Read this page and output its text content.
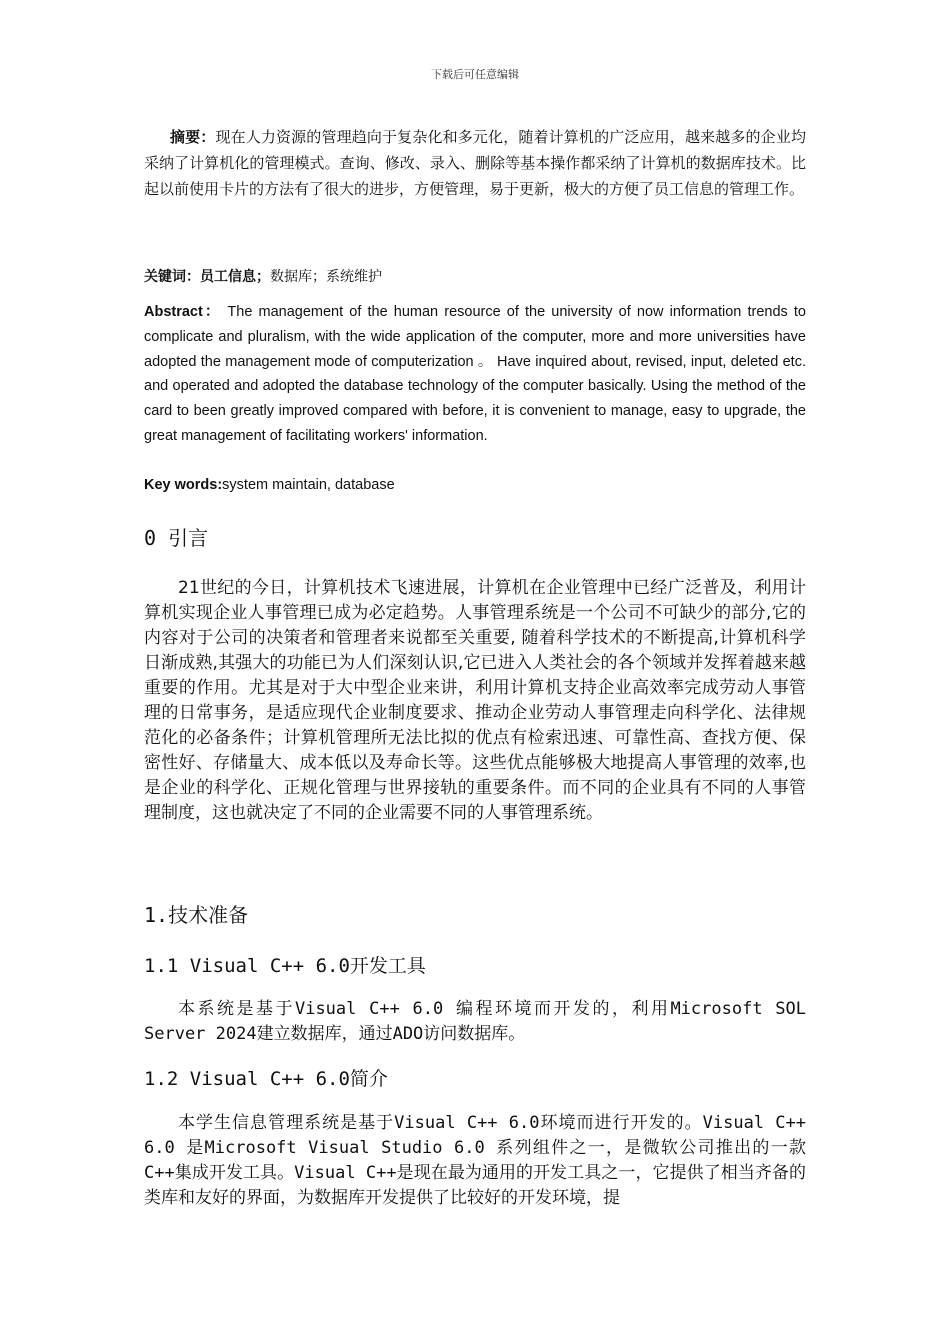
下载后可任意编辑
摘要：现在人力资源的管理趋向于复杂化和多元化，随着计算机的广泛应用，越来越多的企业均采纳了计算机化的管理模式。查询、修改、录入、删除等基本操作都采纳了计算机的数据库技术。比起以前使用卡片的方法有了很大的进步，方便管理，易于更新，极大的方便了员工信息的管理工作。
关键词：员工信息；数据库；系统维护
Abstract： The management of the human resource of the university of now information trends to complicate and pluralism, with the wide application of the computer, more and more universities have adopted the management mode of computerization 。 Have inquired about, revised, input, deleted etc. and operated and adopted the database technology of the computer basically. Using the method of the card to been greatly improved compared with before, it is convenient to manage, easy to upgrade, the great management of facilitating workers' information.
Key words:system maintain, database
0 引言
21世纪的今日，计算机技术飞速进展，计算机在企业管理中已经广泛普及，利用计算机实现企业人事管理已成为必定趋势。人事管理系统是一个公司不可缺少的部分,它的内容对于公司的决策者和管理者来说都至关重要, 随着科学技术的不断提高,计算机科学日渐成熟,其强大的功能已为人们深刻认识,它已进入人类社会的各个领域并发挥着越来越重要的作用。尤其是对于大中型企业来讲，利用计算机支持企业高效率完成劳动人事管理的日常事务，是适应现代企业制度要求、推动企业劳动人事管理走向科学化、法律规范化的必备条件；计算机管理所无法比拟的优点有检索迅速、可靠性高、查找方便、保密性好、存储量大、成本低以及寿命长等。这些优点能够极大地提高人事管理的效率,也是企业的科学化、正规化管理与世界接轨的重要条件。而不同的企业具有不同的人事管理制度，这也就决定了不同的企业需要不同的人事管理系统。
1.技术准备
1.1 Visual C++ 6.0开发工具
本系统是基于Visual C++ 6.0 编程环境而开发的，利用Microsoft SOL Server 2024建立数据库，通过ADO访问数据库。
1.2 Visual C++ 6.0简介
本学生信息管理系统是基于Visual C++ 6.0环境而进行开发的。Visual C++ 6.0 是Microsoft Visual Studio 6.0 系列组件之一，是微软公司推出的一款C++集成开发工具。Visual C++是现在最为通用的开发工具之一，它提供了相当齐备的类库和友好的界面，为数据库开发提供了比较好的开发环境，提
